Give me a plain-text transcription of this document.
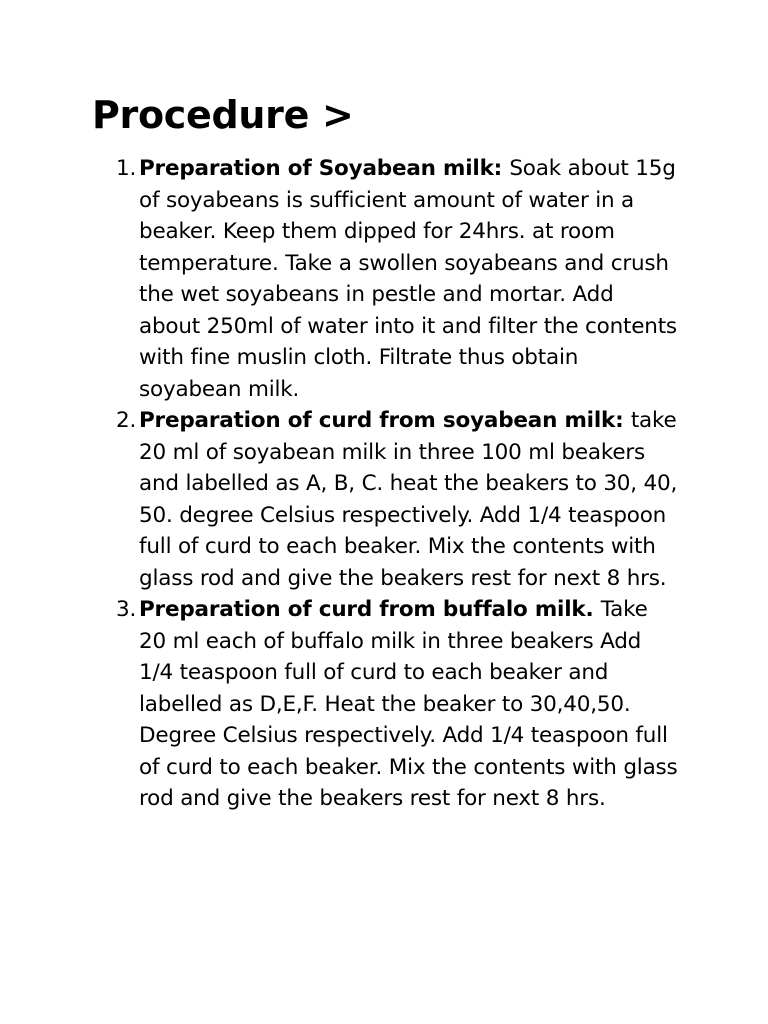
Procedure >
1. Preparation of Soyabean milk: Soak about 15g of soyabeans is sufficient amount of water in a beaker. Keep them dipped for 24hrs. at room temperature. Take a swollen soyabeans and crush the wet soyabeans in pestle and mortar. Add about 250ml of water into it and filter the contents with fine muslin cloth. Filtrate thus obtain soyabean milk.
2. Preparation of curd from soyabean milk: take 20 ml of soyabean milk in three 100 ml beakers and labelled as A, B, C. heat the beakers to 30, 40, 50. degree Celsius respectively. Add 1/4 teaspoon full of curd to each beaker. Mix the contents with glass rod and give the beakers rest for next 8 hrs.
3. Preparation of curd from buffalo milk. Take 20 ml each of buffalo milk in three beakers Add 1/4 teaspoon full of curd to each beaker and labelled as D,E,F. Heat the beaker to 30,40,50. Degree Celsius respectively. Add 1/4 teaspoon full of curd to each beaker. Mix the contents with glass rod and give the beakers rest for next 8 hrs.
